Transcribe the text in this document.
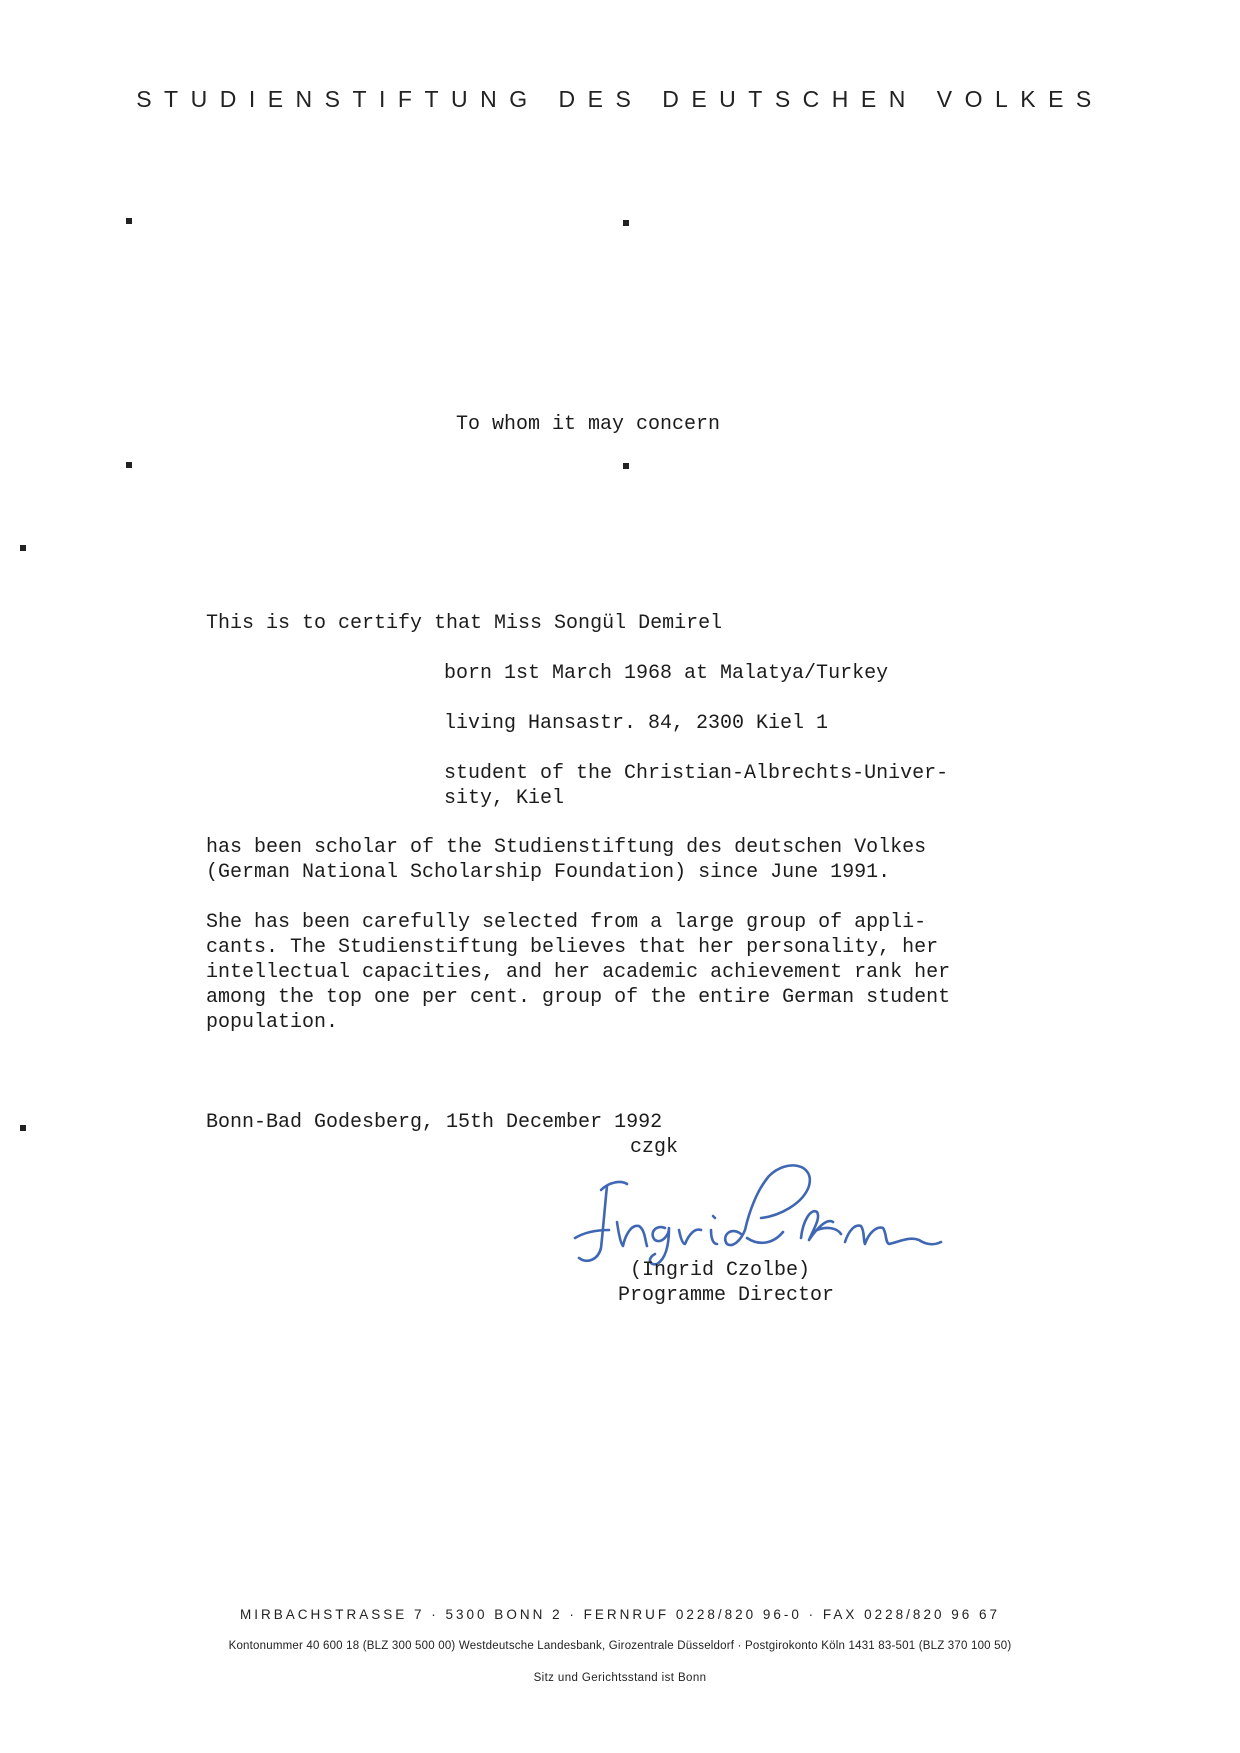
STUDIENSTIFTUNG DES DEUTSCHEN VOLKES
To whom it may concern
This is to certify that Miss Songül Demirel
born 1st March 1968 at Malatya/Turkey
living Hansastr. 84, 2300 Kiel 1
student of the Christian-Albrechts-Univer-
sity, Kiel
has been scholar of the Studienstiftung des deutschen Volkes
(German National Scholarship Foundation) since June 1991.
She has been carefully selected from a large group of appli-
cants. The Studienstiftung believes that her personality, her
intellectual capacities, and her academic achievement rank her
among the top one per cent. group of the entire German student
population.
Bonn-Bad Godesberg, 15th December 1992
czgk
(Ingrid Czolbe)
Programme Director
MIRBACHSTRASSE 7 · 5300 BONN 2 · FERNRUF 0228/820 96-0 · FAX 0228/820 96 67
Kontonummer 40 600 18 (BLZ 300 500 00) Westdeutsche Landesbank, Girozentrale Düsseldorf · Postgirokonto Köln 1431 83-501 (BLZ 370 100 50)
Sitz und Gerichtsstand ist Bonn
